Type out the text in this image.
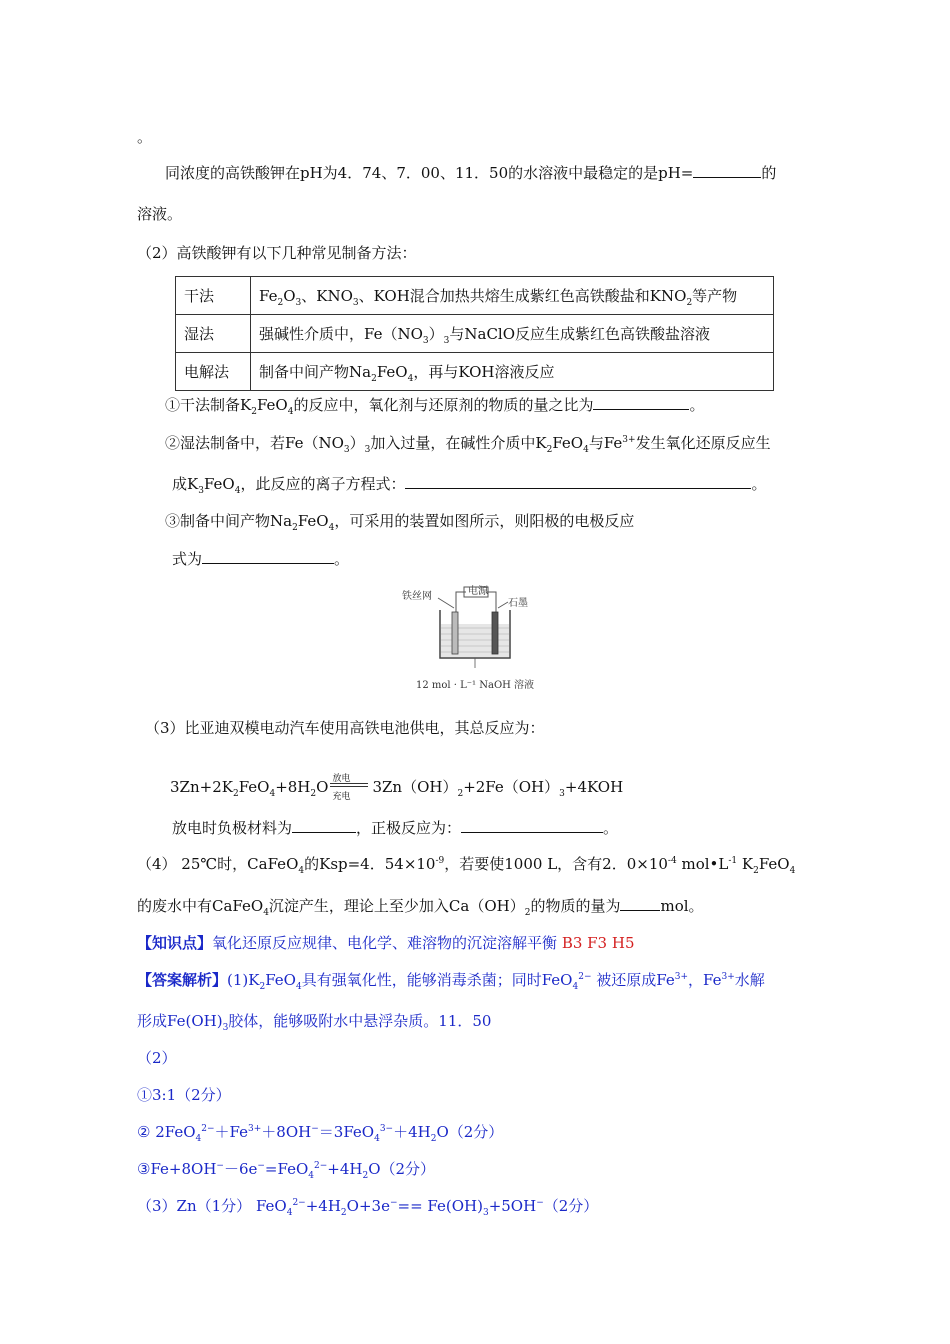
。
同浓度的高铁酸钾在pH为4．74、7．00、11．50的水溶液中最稳定的是pH=	的
溶液。
（2）高铁酸钾有以下几种常见制备方法：
干法	$Fe_2O_3$、$KNO_3$、KOH混合加热共熔生成紫红色高铁酸盐和$KNO_2$等产物
湿法	强碱性介质中，$Fe(NO_3)_3$与NaClO反应生成紫红色高铁酸盐溶液
电解法	制备中间产物$Na_2FeO_4$，再与KOH溶液反应
①干法制备$K_2FeO_4$的反应中，氧化剂与还原剂的物质的量之比为	。
②湿法制备中，若$Fe(NO_3)_3$加入过量，在碱性介质中$K_2FeO_4$与$Fe^{3+}$发生氧化还原反应生
成$K_3FeO_4$，此反应的离子方程式：	。
③制备中间产物$Na_2FeO_4$，可采用的装置如图所示，则阳极的电极反应
式为	。
铁丝网	电源
石墨
12 mol · L⁻¹ NaOH 溶液
（3）比亚迪双模电动汽车使用高铁电池供电，其总反应为：
$3Zn+2K_2FeO_4+8H_2O$ 放电
充电
$3Zn(OH)_2+2Fe(OH)_3+4KOH$
放电时负极材料为	，正极反应为：	。
（4） 25℃时，CaFeO$_4$的Ksp=4．$54\times 10^{-9}$，若要使1000 L，含有2．$0\times 10^{-4}$ $mol•L^{-1}$ $K_2FeO_4$
的废水中有CaFeO$_4$沉淀产生，理论上至少加入$Ca(OH)_2$的物质的量为	mol。
【知识点】氧化还原反应规律、电化学、难溶物的沉淀溶解平衡 B3 F3 H5
【答案解析】$(1)K_2FeO_4$具有强氧化性，能够消毒杀菌；同时FeO$_4^{2-}$ 被还原成$Fe^{3+}$，$Fe^{3+}$水解
形成$Fe(OH)_3$胶体，能够吸附水中悬浮杂质。11．50
（2）
①3:1（2分）
② $2FeO_4^{2-}+Fe^{3+}+8OH^-=3FeO_4^{3-}+4H_2O(2$分）
$③Fe+8OH^--6e^-=FeO_4^{2-}+4H_2O(2$分）
（3）Zn（1分） $FeO_4^{2-}+4H_2O+3e^-== Fe(OH)_3+5OH^-(2$分）
